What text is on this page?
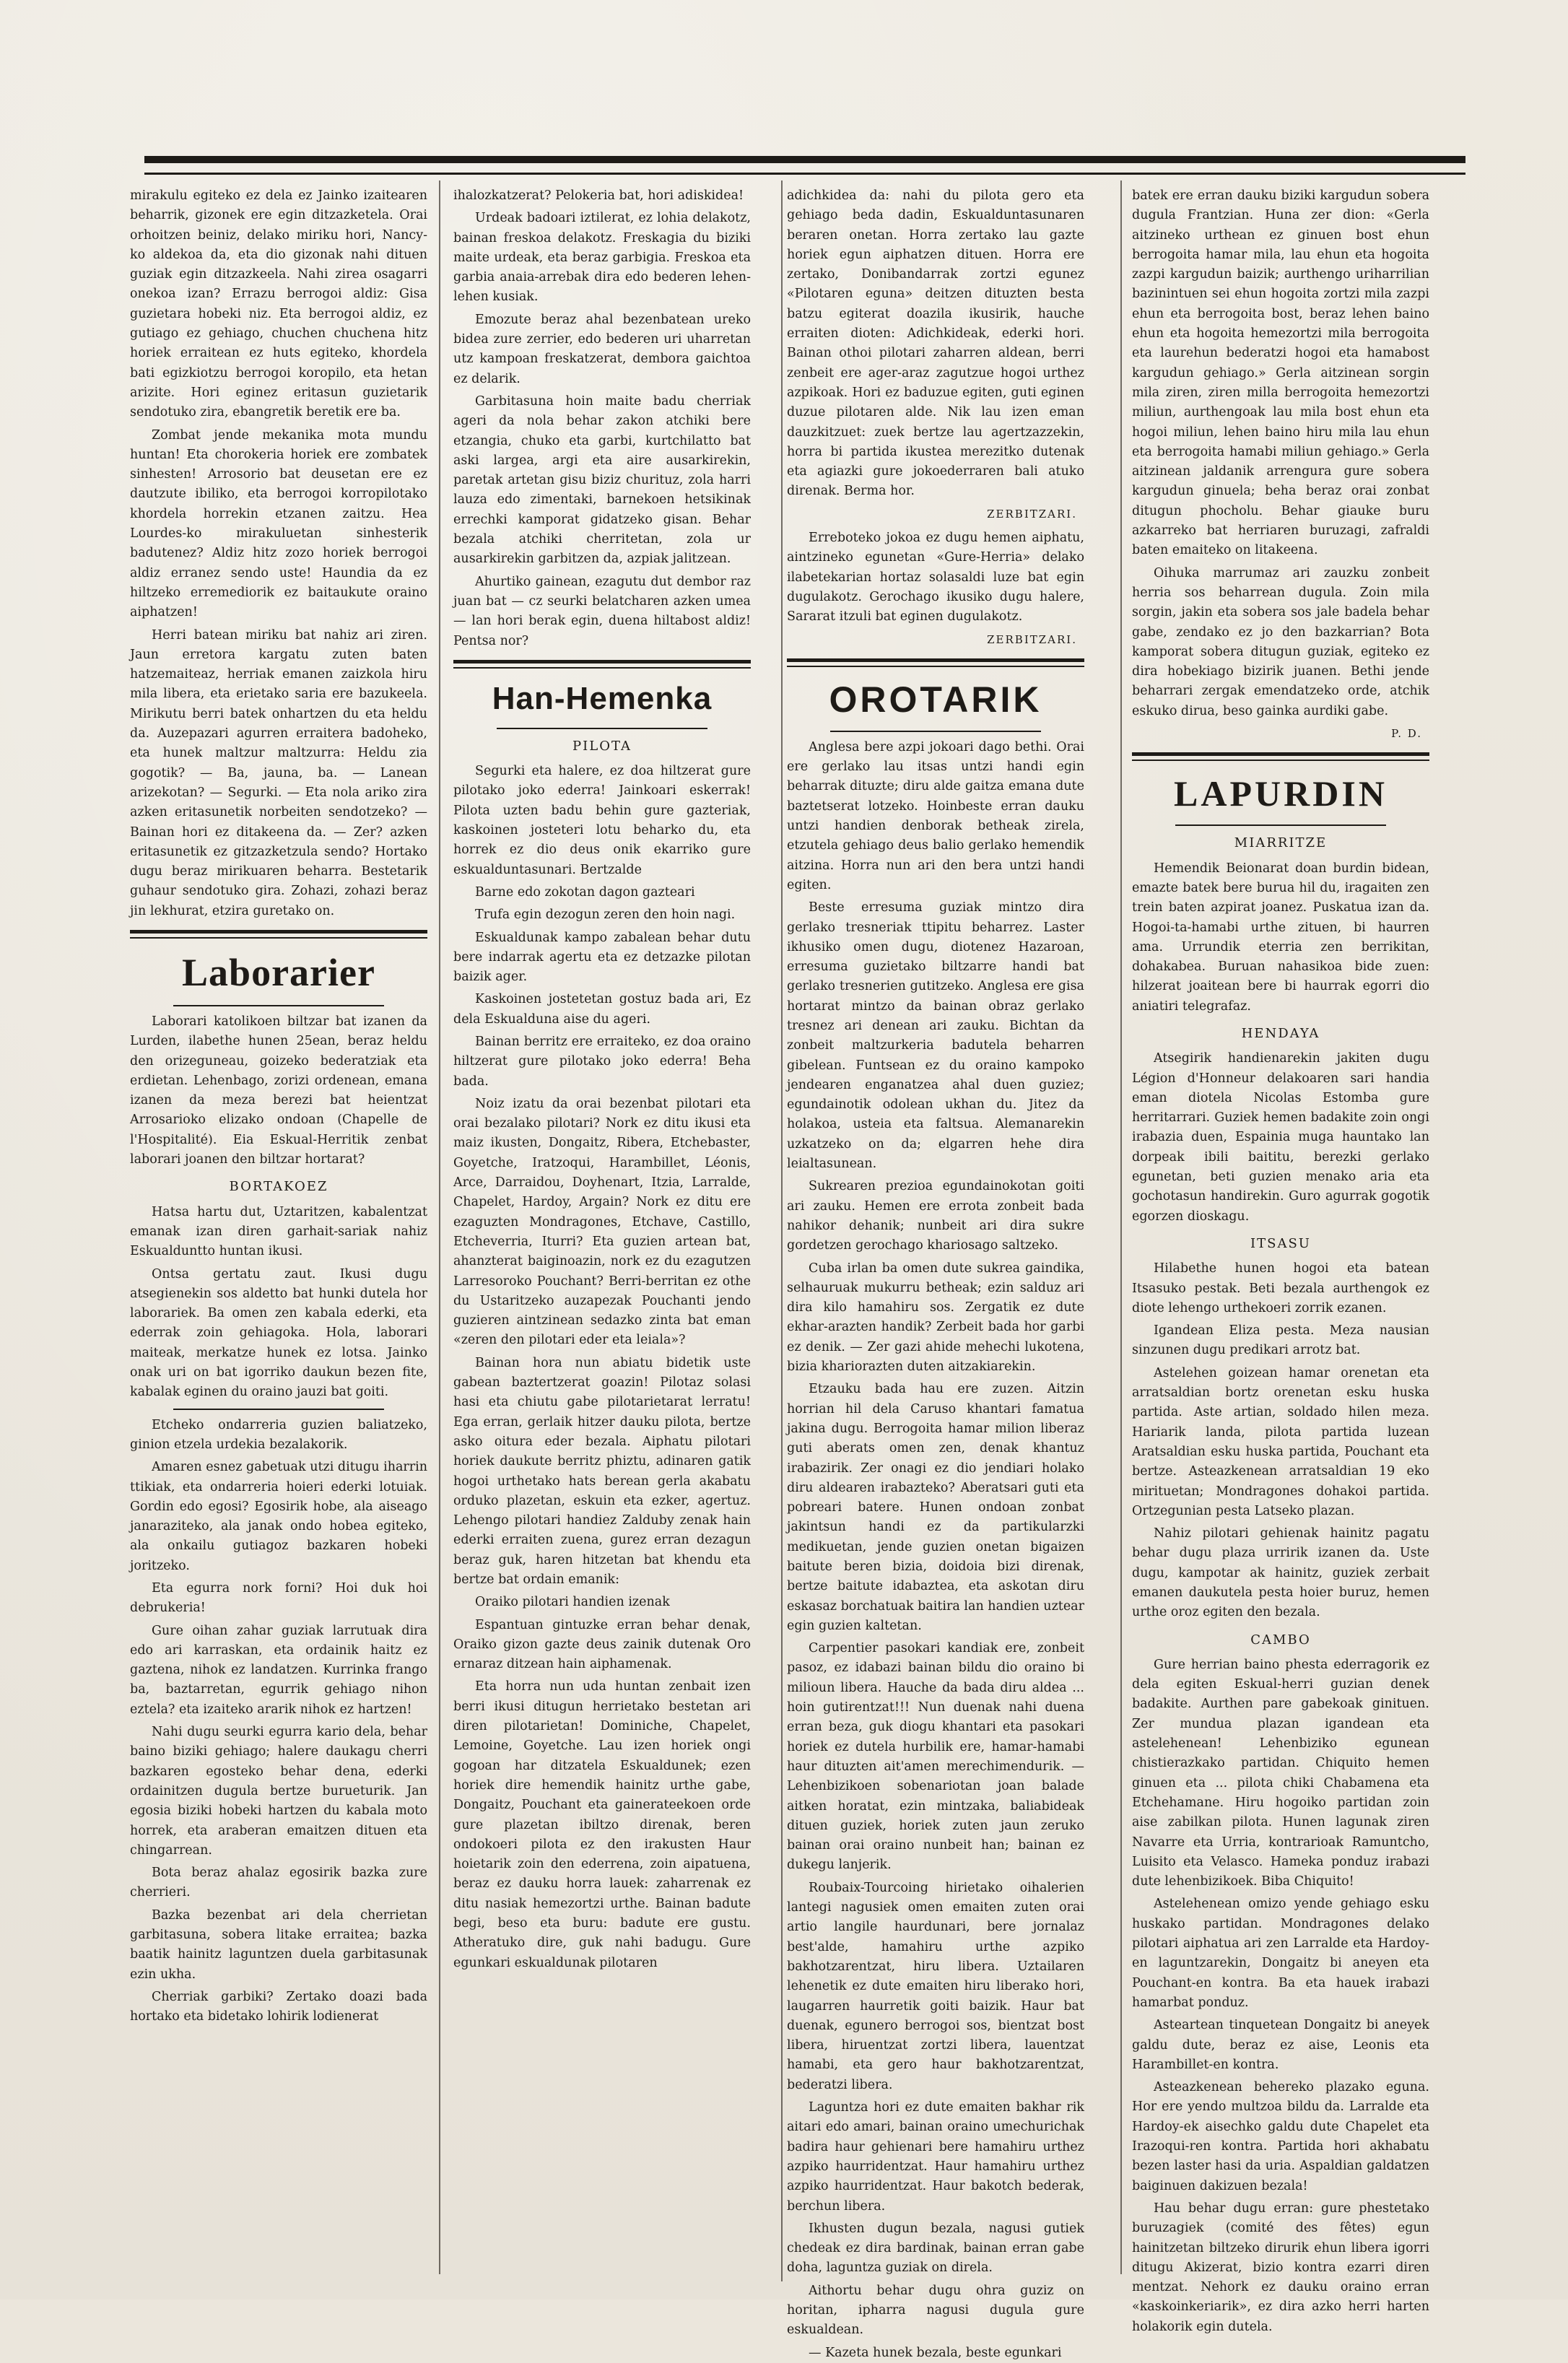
mirakulu egiteko ez dela ez Jainko izaitearen beharrik, gizonek ere egin ditzazketela. Orai orhoitzen beiniz, delako miriku hori, Nancy-ko aldekoa da, eta dio gizonak nahi dituen guziak egin ditzazkeela. Nahi zirea osagarri onekoa izan? Errazu berrogoi aldiz: Gisa guzietara hobeki niz. Eta berrogoi aldiz, ez gutiago ez gehiago, chuchen chuchena hitz horiek erraitean ez huts egiteko, khordela bati egizkiotzu berrogoi koropilo, eta hetan arizite. Hori eginez eritasun guzietarik sendotuko zira, ebangretik beretik ere ba.

Zombat jende mekanika mota mundu huntan! Eta chorokeria horiek ere zombatek sinhesten! Arrosorio bat deusetan ere ez dautzute ibiliko, eta berrogoi korropilotako khordela horrekin etzanen zaitzu. Hea Lourdes-ko mirakuluetan sinhesterik badutenez? Aldiz hitz zozo horiek berrogoi aldiz erranez sendo uste! Haundia da ez hiltzeko erremediorik ez baitaukute oraino aiphatzen!

Herri batean miriku bat nahiz ari ziren. Jaun erretora kargatu zuten baten hatzemaiteaz, herriak emanen zaizkola hiru mila libera, eta erietako saria ere bazukeela. Mirikutu berri batek onhartzen du eta heldu da. Auzepazari agurren erraitera badoheko, eta hunek maltzur maltzurra: Heldu zia gogotik? — Ba, jauna, ba. — Lanean arizekotan? — Segurki. — Eta nola ariko zira azken eritasunetik norbeiten sendotzeko? — Bainan hori ez ditakeena da. — Zer? azken eritasunetik ez gitzazketzula sendo? Hortako dugu beraz mirikuaren beharra. Bestetarik guhaur sendotuko gira. Zohazi, zohazi beraz jin lekhurat, etzira guretako on.

Laborarier

Laborari katolikoen biltzar bat izanen da Lurden, ilabethe hunen 25ean, beraz heldu den orizeguneau, goizeko bederatziak eta erdietan. Lehenbago, zorizi ordenean, emana izanen da meza berezi bat heientzat Arrosarioko elizako ondoan (Chapelle de l'Hospitalité). Eia Eskual-Herritik zenbat laborari joanen den biltzar hortarat?

BORTAKOEZ

Hatsa hartu dut, Uztaritzen, kabalentzat emanak izan diren garhait-sariak nahiz Eskualduntto huntan ikusi.

Ontsa gertatu zaut. Ikusi dugu atsegienekin sos aldetto bat hunki dutela hor laborariek. Ba omen zen kabala ederki, eta ederrak zoin gehiagoka. Hola, laborari maiteak, merkatze hunek ez lotsa. Jainko onak uri on bat igorriko daukun bezen fite, kabalak eginen du oraino jauzi bat goiti.

Etcheko ondarreria guzien baliatzeko, ginion etzela urdekia bezalakorik.

Amaren esnez gabetuak utzi ditugu iharrin ttikiak, eta ondarreria hoieri ederki lotuiak. Gordin edo egosi? Egosirik hobe, ala aiseago janaraziteko, ala janak ondo hobea egiteko, ala onkailu gutiagoz bazkaren hobeki joritzeko.

Eta egurra nork forni? Hoi duk hoi debrukeria!

Gure oihan zahar guziak larrutuak dira edo ari karraskan, eta ordainik haitz ez gaztena, nihok ez landatzen. Kurrinka frango ba, baztarretan, egurrik gehiago nihon eztela? eta izaiteko ararik nihok ez hartzen!

Nahi dugu seurki egurra kario dela, behar baino biziki gehiago; halere daukagu cherri bazkaren egosteko behar dena, ederki ordainitzen dugula bertze burueturik. Jan egosia biziki hobeki hartzen du kabala moto horrek, eta araberan emaitzen dituen eta chingarrean.

Bota beraz ahalaz egosirik bazka zure cherrieri.

Bazka bezenbat ari dela cherrietan garbitasuna, sobera litake erraitea; bazka baatik hainitz laguntzen duela garbitasunak ezin ukha.

Cherriak garbiki? Zertako doazi bada hortako eta bidetako lohirik lodienerat

ihalozkatzerat? Pelokeria bat, hori adiskidea!

Urdeak badoari iztilerat, ez lohia delakotz, bainan freskoa delakotz. Freskagia du biziki maite urdeak, eta beraz garbigia. Freskoa eta garbia anaia-arrebak dira edo bederen lehen-lehen kusiak.

Emozute beraz ahal bezenbatean ureko bidea zure zerrier, edo bederen uri uharretan utz kampoan freskatzerat, dembora gaichtoa ez delarik.

Garbitasuna hoin maite badu cherriak ageri da nola behar zakon atchiki bere etzangia, chuko eta garbi, kurtchilatto bat aski largea, argi eta aire ausarkirekin, paretak artetan gisu biziz churituz, zola harri lauza edo zimentaki, barnekoen hetsikinak errechki kamporat gidatzeko gisan. Behar bezala atchiki cherritetan, zola ur ausarkirekin garbitzen da, azpiak jalitzean.

Ahurtiko gainean, ezagutu dut dembor raz juan bat — cz seurki belatcharen azken umea — lan hori berak egin, duena hiltabost aldiz! Pentsa nor?

Han-Hemenka
PILOTA

Segurki eta halere, ez doa hiltzerat gure pilotako joko ederra! Jainkoari eskerrak! Pilota uzten badu behin gure gazteriak, kaskoinen josteteri lotu beharko du, eta horrek ez dio deus onik ekarriko gure eskualduntasunari. Bertzalde

Barne edo zokotan dagon gazteari

Trufa egin dezogun zeren den hoin nagi.

Eskualdunak kampo zabalean behar dutu bere indarrak agertu eta ez detzazke pilotan baizik ager.

Kaskoinen jostetetan gostuz bada ari, Ez dela Eskualduna aise du ageri.

Bainan berritz ere erraiteko, ez doa oraino hiltzerat gure pilotako joko ederra! Beha bada.

Noiz izatu da orai bezenbat pilotari eta orai bezalako pilotari? Nork ez ditu ikusi eta maiz ikusten, Dongaitz, Ribera, Etchebaster, Goyetche, Iratzoqui, Harambillet, Léonis, Arce, Darraidou, Doyhenart, Itzia, Larralde, Chapelet, Hardoy, Argain? Nork ez ditu ere ezaguzten Mondragones, Etchave, Castillo, Etcheverria, Iturri? Eta guzien artean bat, ahanzterat baiginoazin, nork ez du ezagutzen Larresoroko Pouchant? Berri-berritan ez othe du Ustaritzeko auzapezak Pouchanti jendo guzieren aintzinean sedazko zinta bat eman «zeren den pilotari eder eta leiala»?

Bainan hora nun abiatu bidetik uste gabean baztertzerat goazin! Pilotaz solasi hasi eta chiutu gabe pilotarietarat lerratu! Ega erran, gerlaik hitzer dauku pilota, bertze asko oitura eder bezala. Aiphatu pilotari horiek daukute berritz phiztu, adinaren gatik hogoi urthetako hats berean gerla akabatu orduko plazetan, eskuin eta ezker, agertuz. Lehengo pilotari handiez Zalduby zenak hain ederki erraiten zuena, gurez erran dezagun beraz guk, haren hitzetan bat khendu eta bertze bat ordain emanik:

Oraiko pilotari handien izenak

Espantuan gintuzke erran behar denak, Oraiko gizon gazte deus zainik dutenak Oro ernaraz ditzean hain aiphamenak.

Eta horra nun uda huntan zenbait izen berri ikusi ditugun herrietako bestetan ari diren pilotarietan! Dominiche, Chapelet, Lemoine, Goyetche. Lau izen horiek ongi gogoan har ditzatela Eskualdunek; ezen horiek dire hemendik hainitz urthe gabe, Dongaitz, Pouchant eta gainerateekoen orde gure plazetan ibiltzo direnak, beren ondokoeri pilota ez den irakusten Haur hoietarik zoin den ederrena, zoin aipatuena, beraz ez dauku horra lauek: zaharrenak ez ditu nasiak hemezortzi urthe. Bainan badute begi, beso eta buru: badute ere gustu. Atheratuko dire, guk nahi badugu. Gure egunkari eskualdunak pilotaren

adichkidea da: nahi du pilota gero eta gehiago beda dadin, Eskualduntasunaren beraren onetan. Horra zertako lau gazte horiek egun aiphatzen dituen. Horra ere zertako, Donibandarrak zortzi egunez «Pilotaren eguna» deitzen dituzten besta batzu egiterat doazila ikusirik, hauche erraiten dioten: Adichkideak, ederki hori. Bainan othoi pilotari zaharren aldean, berri zenbeit ere ager-araz zagutzue hogoi urthez azpikoak. Hori ez baduzue egiten, guti eginen duzue pilotaren alde. Nik lau izen eman dauzkitzuet: zuek bertze lau agertzazzekin, horra bi partida ikustea merezitko dutenak eta agiazki gure jokoederraren bali atuko direnak. Berma hor.

ZERBITZARI.

Erreboteko jokoa ez dugu hemen aiphatu, aintzineko egunetan «Gure-Herria» delako ilabetekarian hortaz solasaldi luze bat egin dugulakotz. Gerochago ikusiko dugu halere, Sararat itzuli bat eginen dugulakotz.

ZERBITZARI.
OROTARIK

Anglesa bere azpi jokoari dago bethi. Orai ere gerlako lau itsas untzi handi egin beharrak dituzte; diru alde gaitza emana dute baztetserat lotzeko. Hoinbeste erran dauku untzi handien denborak betheak zirela, etzutela gehiago deus balio gerlako hemendik aitzina. Horra nun ari den bera untzi handi egiten.

Beste erresuma guziak mintzo dira gerlako tresneriak ttipitu beharrez. Laster ikhusiko omen dugu, diotenez Hazaroan, erresuma guzietako biltzarre handi bat gerlako tresnerien gutitzeko. Anglesa ere gisa hortarat mintzo da bainan obraz gerlako tresnez ari denean ari zauku. Bichtan da zonbeit maltzurkeria badutela beharren gibelean. Funtsean ez du oraino kampoko jendearen enganatzea ahal duen guziez; egundainotik odolean ukhan du. Jitez da holakoa, usteia eta faltsua. Alemanarekin uzkatzeko on da; elgarren hehe dira leialtasunean.

Sukrearen prezioa egundainokotan goiti ari zauku. Hemen ere errota zonbeit bada nahikor dehanik; nunbeit ari dira sukre gordetzen gerochago khariosago saltzeko.

Cuba irlan ba omen dute sukrea gaindika, selhauruak mukurru betheak; ezin salduz ari dira kilo hamahiru sos. Zergatik ez dute ekhar-arazten handik? Zerbeit bada hor garbi ez denik. — Zer gazi ahide mehechi lukotena, bizia khariorazten duten aitzakiarekin.

Etzauku bada hau ere zuzen. Aitzin horrian hil dela Caruso khantari famatua jakina dugu. Berrogoita hamar milion liberaz guti aberats omen zen, denak khantuz irabazirik. Zer onagi ez dio jendiari holako diru aldearen irabazteko? Aberatsari guti eta pobreari batere. Hunen ondoan zonbat jakintsun handi ez da partikularzki medikuetan, jende guzien onetan bigaizen baitute beren bizia, doidoia bizi direnak, bertze baitute idabaztea, eta askotan diru eskasaz borchatuak baitira lan handien uztear egin guzien kaltetan.

Carpentier pasokari kandiak ere, zonbeit pasoz, ez idabazi bainan bildu dio oraino bi milioun libera. Hauche da bada diru aldea ... hoin gutirentzat!!! Nun duenak nahi duena erran beza, guk diogu khantari eta pasokari horiek ez dutela hurbilik ere, hamar-hamabi haur dituzten ait'amen merechimendurik. — Lehenbizikoen sobenariotan joan balade aitken horatat, ezin mintzaka, baliabideak dituen guziek, horiek zuten jaun zeruko bainan orai oraino nunbeit han; bainan ez dukegu lanjerik.

Roubaix-Tourcoing hirietako oihalerien lantegi nagusiek omen emaiten zuten orai artio langile haurdunari, bere jornalaz best'alde, hamahiru urthe azpiko bakhotzarentzat, hiru libera. Uztailaren lehenetik ez dute emaiten hiru liberako hori, laugarren haurretik goiti baizik. Haur bat duenak, egunero berrogoi sos, bientzat bost libera, hiruentzat zortzi libera, lauentzat hamabi, eta gero haur bakhotzarentzat, bederatzi libera.

Laguntza hori ez dute emaiten bakhar rik aitari edo amari, bainan oraino umechurichak badira haur gehienari bere hamahiru urthez azpiko haurridentzat. Haur hamahiru urthez azpiko haurridentzat. Haur bakotch bederak, berchun libera.

Ikhusten dugun bezala, nagusi gutiek chedeak ez dira bardinak, bainan erran gabe doha, laguntza guziak on direla.

Aithortu behar dugu ohra guziz on horitan, ipharra nagusi dugula gure eskualdean.

— Kazeta hunek bezala, beste egunkari

batek ere erran dauku biziki kargudun sobera dugula Frantzian. Huna zer dion: «Gerla aitzineko urthean ez ginuen bost ehun berrogoita hamar mila, lau ehun eta hogoita zazpi kargudun baizik; aurthengo uriharrilian bazinintuen sei ehun hogoita zortzi mila zazpi ehun eta berrogoita bost, beraz lehen baino ehun eta hogoita hemezortzi mila berrogoita eta laurehun bederatzi hogoi eta hamabost kargudun gehiago.» Gerla aitzinean sorgin mila ziren, ziren milla berrogoita hemezortzi miliun, aurthengoak lau mila bost ehun eta hogoi miliun, lehen baino hiru mila lau ehun eta berrogoita hamabi miliun gehiago.» Gerla aitzinean jaldanik arrengura gure sobera kargudun ginuela; beha beraz orai zonbat ditugun phocholu. Behar giauke buru azkarreko bat herriaren buruzagi, zafraldi baten emaiteko on litakeena.

Oihuka marrumaz ari zauzku zonbeit herria sos beharrean dugula. Zoin mila sorgin, jakin eta sobera sos jale badela behar gabe, zendako ez jo den bazkarrian? Bota kamporat sobera ditugun guziak, egiteko ez dira hobekiago bizirik juanen. Bethi jende beharrari zergak emendatzeko orde, atchik eskuko dirua, beso gainka aurdiki gabe.

P. D.
LAPURDIN
MIARRITZE

Hemendik Beionarat doan burdin bidean, emazte batek bere burua hil du, iragaiten zen trein baten azpirat joanez. Puskatua izan da. Hogoi-ta-hamabi urthe zituen, bi haurren ama. Urrundik eterria zen berrikitan, dohakabea. Buruan nahasikoa bide zuen: hilzerat joaitean bere bi haurrak egorri dio aniatiri telegrafaz.

HENDAYA

Atsegirik handienarekin jakiten dugu Légion d'Honneur delakoaren sari handia eman diotela Nicolas Estomba gure herritarrari. Guziek hemen badakite zoin ongi irabazia duen, Espainia muga hauntako lan dorpeak ibili baititu, berezki gerlako egunetan, beti guzien menako aria eta gochotasun handirekin. Guro agurrak gogotik egorzen dioskagu.

ITSASU

Hilabethe hunen hogoi eta batean Itsasuko pestak. Beti bezala aurthengok ez diote lehengo urthekoeri zorrik ezanen.

Igandean Eliza pesta. Meza nausian sinzunen dugu predikari arrotz bat.

Astelehen goizean hamar orenetan eta arratsaldian bortz orenetan esku huska partida. Aste artian, soldado hilen meza. Hariarik landa, pilota partida luzean Aratsaldian esku huska partida, Pouchant eta bertze. Asteazkenean arratsaldian 19 eko mirituetan; Mondragones dohakoi partida. Ortzegunian pesta Latseko plazan.

Nahiz pilotari gehienak hainitz pagatu behar dugu plaza urririk izanen da. Uste dugu, kampotar ak hainitz, guziek zerbait emanen daukutela pesta hoier buruz, hemen urthe oroz egiten den bezala.

CAMBO

Gure herrian baino phesta ederragorik ez dela egiten Eskual-herri guzian denek badakite. Aurthen pare gabekoak ginituen. Zer mundua plazan igandean eta astelehenean! Lehenbiziko egunean chistierazkako partidan. Chiquito hemen ginuen eta ... pilota chiki Chabamena eta Etchehamane. Hiru hogoiko partidan zoin aise zabilkan pilota. Hunen lagunak ziren Navarre eta Urria, kontrarioak Ramuntcho, Luisito eta Velasco. Hameka ponduz irabazi dute lehenbizikoek. Biba Chiquito!

Astelehenean omizo yende gehiago esku huskako partidan. Mondragones delako pilotari aiphatua ari zen Larralde eta Hardoy-en laguntzarekin, Dongaitz bi aneyen eta Pouchant-en kontra. Ba eta hauek irabazi hamarbat ponduz.

Asteartean tinquetean Dongaitz bi aneyek galdu dute, beraz ez aise, Leonis eta Harambillet-en kontra.

Asteazkenean behereko plazako eguna. Hor ere yendo multzoa bildu da. Larralde eta Hardoy-ek aisechko galdu dute Chapelet eta Irazoqui-ren kontra. Partida hori akhabatu bezen laster hasi da uria. Aspaldian galdatzen baiginuen dakizuen bezala!

Hau behar dugu erran: gure phestetako buruzagiek (comité des fêtes) egun hainitzetan biltzeko dirurik ehun libera igorri ditugu Akizerat, bizio kontra ezarri diren mentzat. Nehork ez dauku oraino erran «kaskoinkeriarik», ez dira azko herri harten holakorik egin dutela.
